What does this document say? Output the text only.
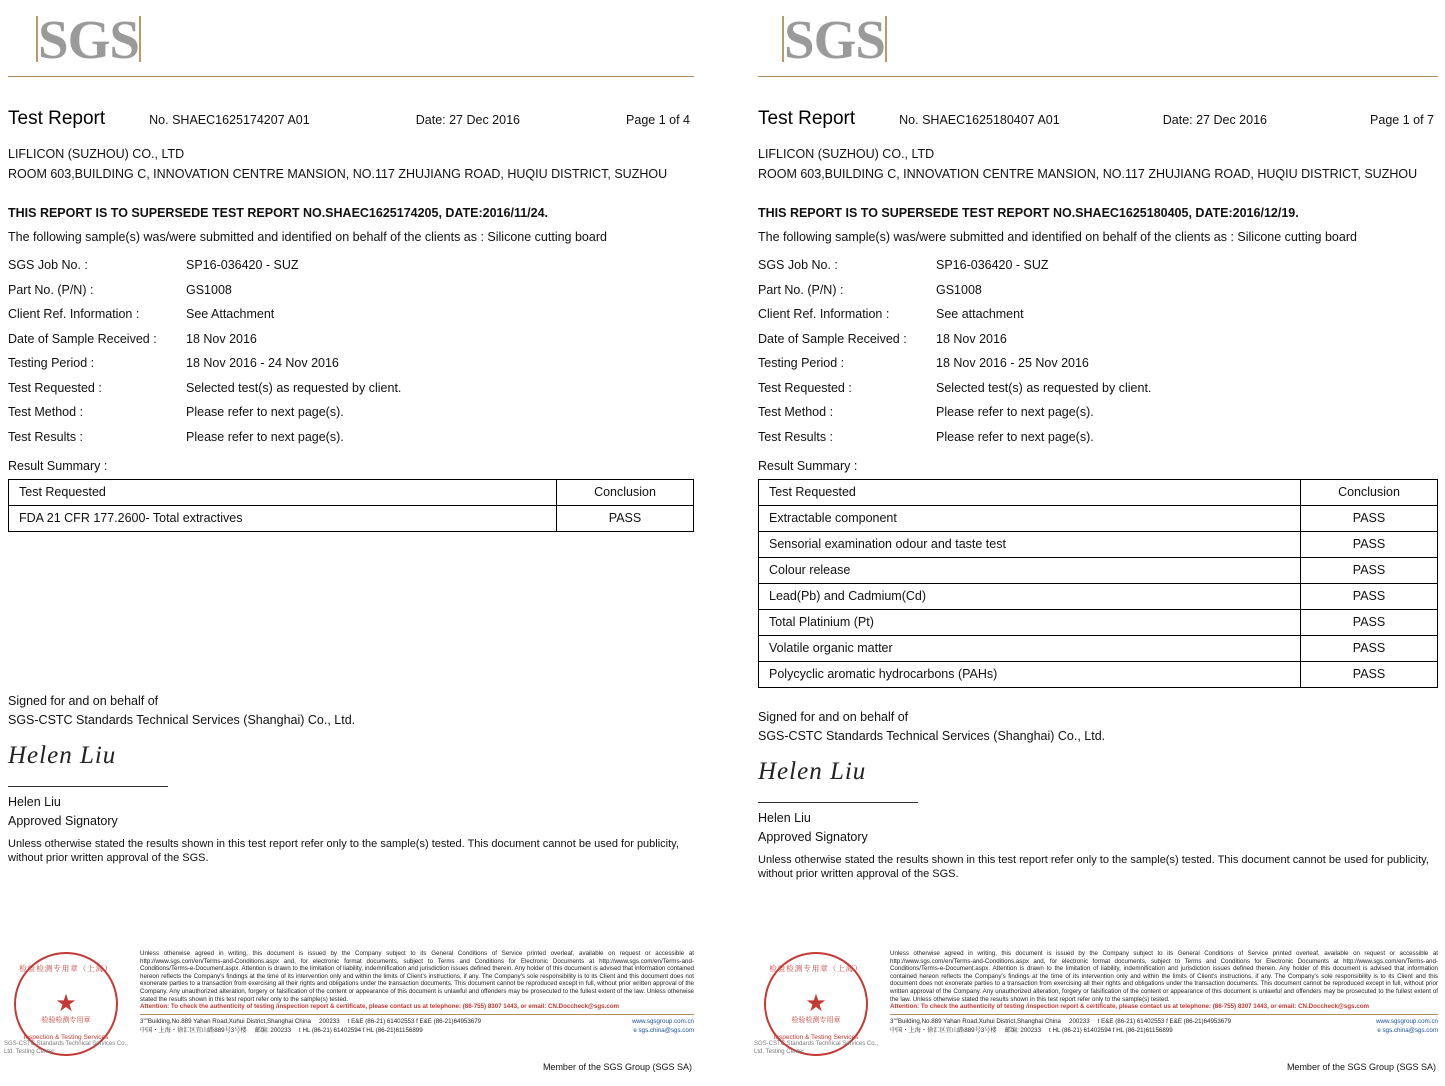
SGS
Test Report	No. SHAEC1625174207 A01	Date: 27 Dec 2016	Page 1 of 4
LIFLICON (SUZHOU) CO., LTD
ROOM 603,BUILDING C, INNOVATION CENTRE MANSION, NO.117 ZHUJIANG ROAD, HUQIU DISTRICT, SUZHOU
THIS REPORT IS TO SUPERSEDE TEST REPORT NO.SHAEC1625174205, DATE:2016/11/24.
The following sample(s) was/were submitted and identified on behalf of the clients as : Silicone cutting board
SGS Job No. :	SP16-036420 - SUZ
Part No. (P/N) :	GS1008
Client Ref. Information :	See Attachment
Date of Sample Received :	18 Nov 2016
Testing Period :	18 Nov 2016 - 24 Nov 2016
Test Requested :	Selected test(s) as requested by client.
Test Method :	Please refer to next page(s).
Test Results :	Please refer to next page(s).
Result Summary :
Test Requested	Conclusion
FDA 21 CFR 177.2600- Total extractives	PASS
Signed for and on behalf of
SGS-CSTC Standards Technical Services (Shanghai) Co., Ltd.
Helen Liu
Helen Liu
Approved Signatory
Unless otherwise stated the results shown in this test report refer only to the sample(s) tested. This document cannot be used for publicity, without prior written approval of the SGS.
检验检测专用章（上海）
★
检验检测专用章
Inspection & Testing Services
SGS-CSTC Standards Technical Services Co., Ltd. Testing Center
Unless otherwise agreed in writing, this document is issued by the Company subject to its General Conditions of Service printed overleaf, available on request or accessible at http://www.sgs.com/en/Terms-and-Conditions.aspx and, for electronic format documents, subject to Terms and Conditions for Electronic Documents at http://www.sgs.com/en/Terms-and-Conditions/Terms-e-Document.aspx. Attention is drawn to the limitation of liability, indemnification and jurisdiction issues defined therein. Any holder of this document is advised that information contained hereon reflects the Company's findings at the time of its intervention only and within the limits of Client's instructions, if any. The Company's sole responsibility is to its Client and this document does not exonerate parties to a transaction from exercising all their rights and obligations under the transaction documents. This document cannot be reproduced except in full, without prior written approval of the Company. Any unauthorized alteration, forgery or falsification of the content or appearance of this document is unlawful and offenders may be prosecuted to the fullest extent of the law. Unless otherwise stated the results shown in this test report refer only to the sample(s) tested.
Attention: To check the authenticity of testing /inspection report & certificate, please contact us at telephone: (86-755) 8307 1443, or email: CN.Doccheck@sgs.com
3""Building,No.889 Yahan Road,Xuhui District,Shanghai China 200233 t E&E (86-21) 61402553 f E&E (86-21)64953679	www.sgsgroup.com.cn
中国・上海・徐汇区宜山路889号3号楼 邮编: 200233 t HL (86-21) 61402594 f HL (86-21)61156899	e sgs.china@sgs.com
Member of the SGS Group (SGS SA)
SGS
Test Report	No. SHAEC1625180407 A01	Date: 27 Dec 2016	Page 1 of 7
LIFLICON (SUZHOU) CO., LTD
ROOM 603,BUILDING C, INNOVATION CENTRE MANSION, NO.117 ZHUJIANG ROAD, HUQIU DISTRICT, SUZHOU
THIS REPORT IS TO SUPERSEDE TEST REPORT NO.SHAEC1625180405, DATE:2016/12/19.
The following sample(s) was/were submitted and identified on behalf of the clients as : Silicone cutting board
SGS Job No. :	SP16-036420 - SUZ
Part No. (P/N) :	GS1008
Client Ref. Information :	See attachment
Date of Sample Received :	18 Nov 2016
Testing Period :	18 Nov 2016 - 25 Nov 2016
Test Requested :	Selected test(s) as requested by client.
Test Method :	Please refer to next page(s).
Test Results :	Please refer to next page(s).
Result Summary :
Test Requested	Conclusion
Extractable component	PASS
Sensorial examination odour and taste test	PASS
Colour release	PASS
Lead(Pb) and Cadmium(Cd)	PASS
Total Platinium (Pt)	PASS
Volatile organic matter	PASS
Polycyclic aromatic hydrocarbons (PAHs)	PASS
Signed for and on behalf of
SGS-CSTC Standards Technical Services (Shanghai) Co., Ltd.
Helen Liu
Helen Liu
Approved Signatory
Unless otherwise stated the results shown in this test report refer only to the sample(s) tested. This document cannot be used for publicity, without prior written approval of the SGS.
检验检测专用章（上海）
★
检验检测专用章
Inspection & Testing Services
SGS-CSTC Standards Technical Services Co., Ltd. Testing Center
Unless otherwise agreed in writing, this document is issued by the Company subject to its General Conditions of Service printed overleaf, available on request or accessible at http://www.sgs.com/en/Terms-and-Conditions.aspx and, for electronic format documents, subject to Terms and Conditions for Electronic Documents at http://www.sgs.com/en/Terms-and-Conditions/Terms-e-Document.aspx. Attention is drawn to the limitation of liability, indemnification and jurisdiction issues defined therein. Any holder of this document is advised that information contained hereon reflects the Company's findings at the time of its intervention only and within the limits of Client's instructions, if any. The Company's sole responsibility is to its Client and this document does not exonerate parties to a transaction from exercising all their rights and obligations under the transaction documents. This document cannot be reproduced except in full, without prior written approval of the Company. Any unauthorized alteration, forgery or falsification of the content or appearance of this document is unlawful and offenders may be prosecuted to the fullest extent of the law. Unless otherwise stated the results shown in this test report refer only to the sample(s) tested.
Attention: To check the authenticity of testing /inspection report & certificate, please contact us at telephone: (86-755) 8307 1443, or email: CN.Doccheck@sgs.com
3""Building,No.889 Yahan Road,Xuhui District,Shanghai China 200233 t E&E (86-21) 61402553 f E&E (86-21)64953679	www.sgsgroup.com.cn
中国・上海・徐汇区宜山路889号3号楼 邮编: 200233 t HL (86-21) 61402594 f HL (86-21)61156899	e sgs.china@sgs.com
Member of the SGS Group (SGS SA)
